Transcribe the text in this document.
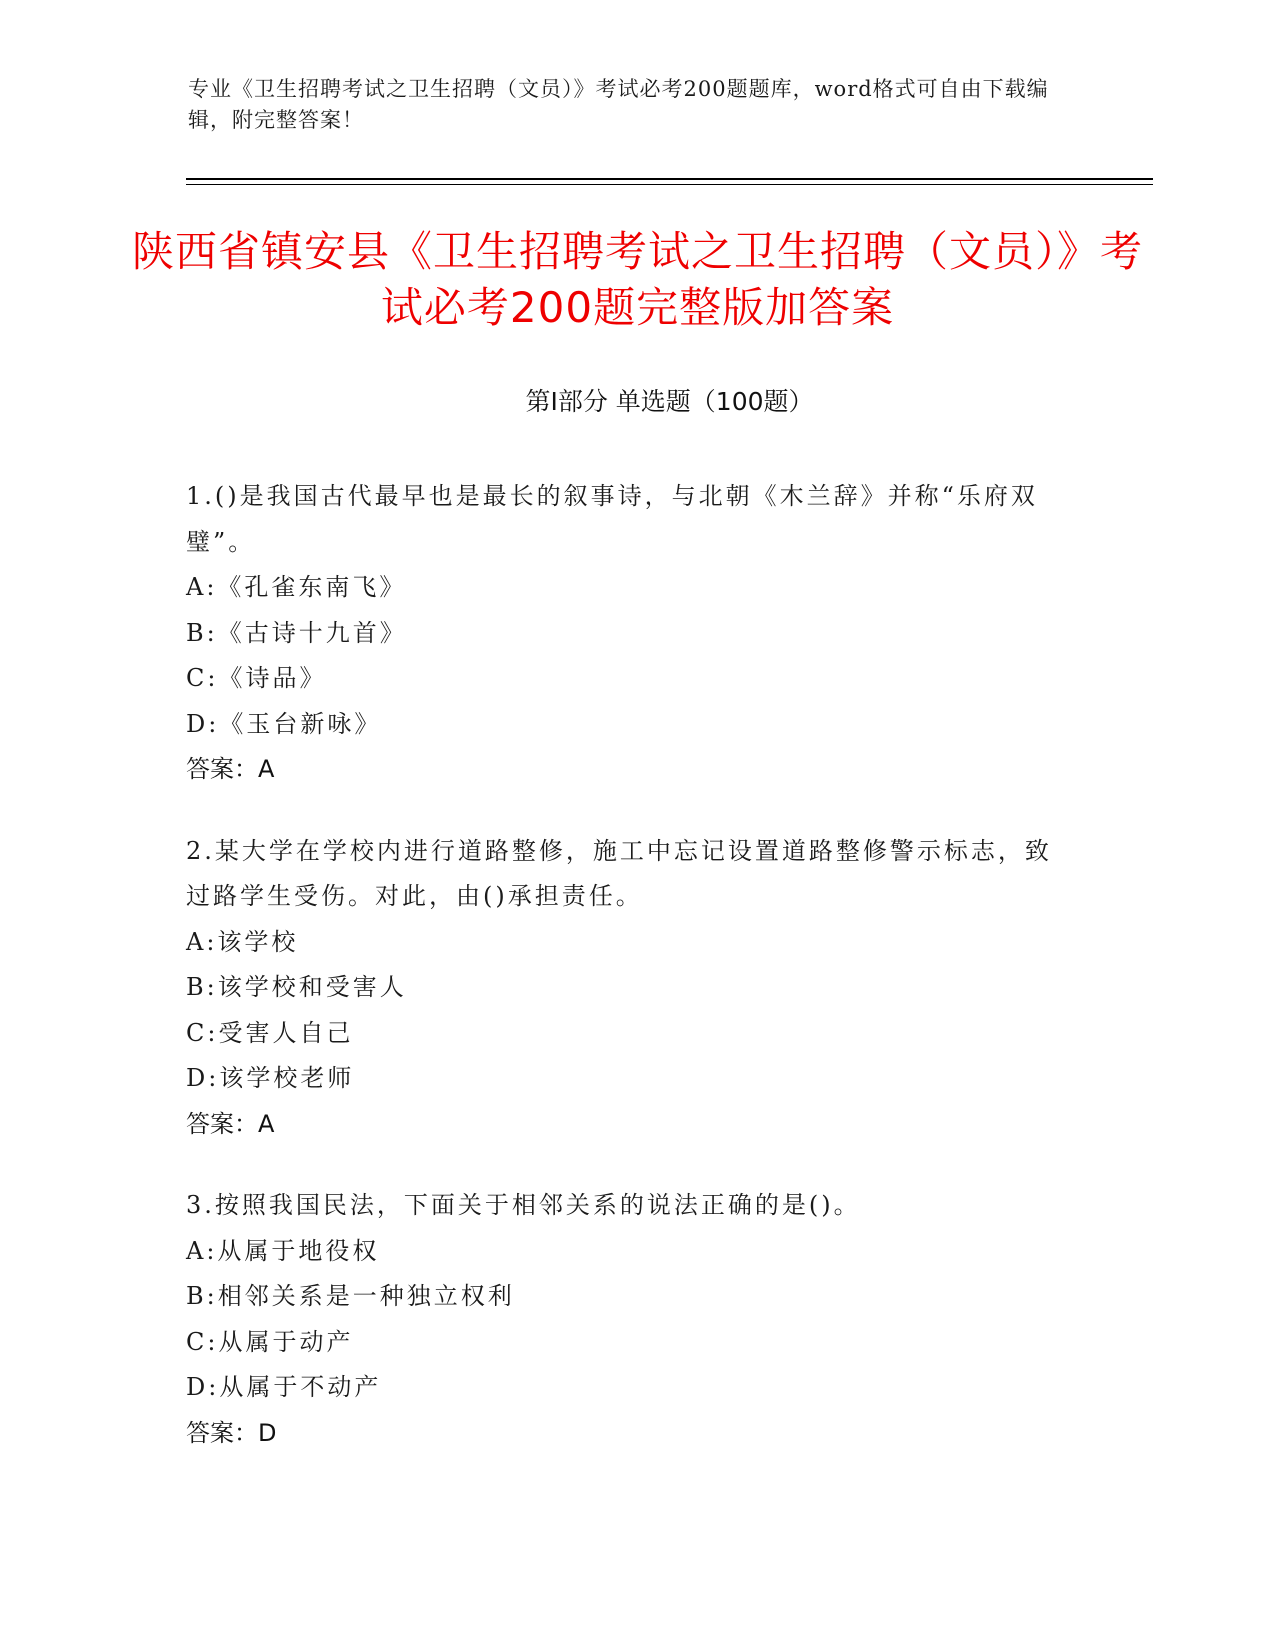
专业《卫生招聘考试之卫生招聘（文员）》考试必考200题题库，word格式可自由下载编辑，附完整答案！
陕西省镇安县《卫生招聘考试之卫生招聘（文员）》考试必考200题完整版加答案
第Ⅰ部分 单选题（100题）
1.()是我国古代最早也是最长的叙事诗，与北朝《木兰辞》并称“乐府双璧”。
A:《孔雀东南飞》
B:《古诗十九首》
C:《诗品》
D:《玉台新咏》
答案：A
2.某大学在学校内进行道路整修，施工中忘记设置道路整修警示标志，致过路学生受伤。对此，由()承担责任。
A:该学校
B:该学校和受害人
C:受害人自己
D:该学校老师
答案：A
3.按照我国民法，下面关于相邻关系的说法正确的是()。
A:从属于地役权
B:相邻关系是一种独立权利
C:从属于动产
D:从属于不动产
答案：D
